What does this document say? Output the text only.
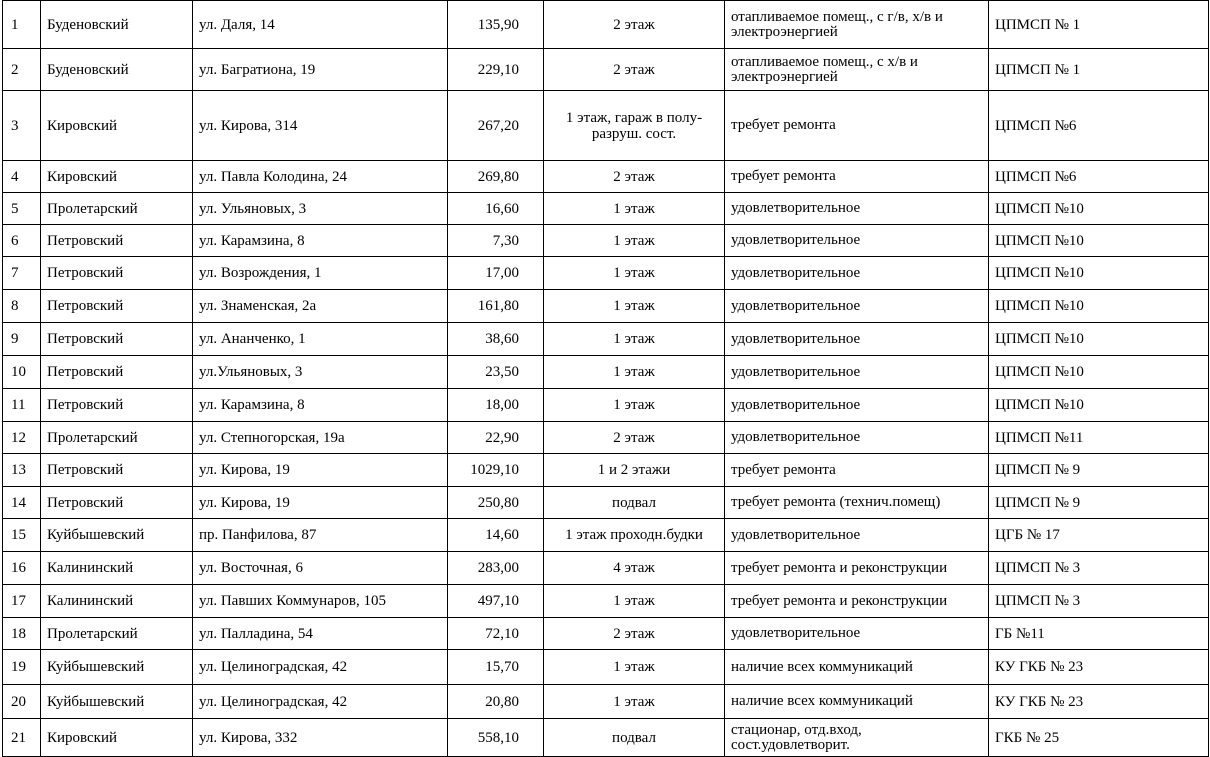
1	Буденовский	ул. Даля, 14	135,90	2 этаж	отапливаемое помещ., с г/в, х/в и электроэнергией	ЦПМСП № 1
2	Буденовский	ул. Багратиона, 19	229,10	2 этаж	отапливаемое помещ., с х/в и электроэнергией	ЦПМСП № 1
3	Кировский	ул. Кирова, 314	267,20	1 этаж, гараж в полу-разруш. сост.	требует ремонта	ЦПМСП №6
4	Кировский	ул. Павла Колодина, 24	269,80	2 этаж	требует ремонта	ЦПМСП №6
5	Пролетарский	ул. Ульяновых, 3	16,60	1 этаж	удовлетворительное	ЦПМСП №10
6	Петровский	ул. Карамзина, 8	7,30	1 этаж	удовлетворительное	ЦПМСП №10
7	Петровский	ул. Возрождения, 1	17,00	1 этаж	удовлетворительное	ЦПМСП №10
8	Петровский	ул. Знаменская, 2а	161,80	1 этаж	удовлетворительное	ЦПМСП №10
9	Петровский	ул. Ананченко, 1	38,60	1 этаж	удовлетворительное	ЦПМСП №10
10	Петровский	ул.Ульяновых, 3	23,50	1 этаж	удовлетворительное	ЦПМСП №10
11	Петровский	ул. Карамзина, 8	18,00	1 этаж	удовлетворительное	ЦПМСП №10
12	Пролетарский	ул. Степногорская, 19а	22,90	2 этаж	удовлетворительное	ЦПМСП №11
13	Петровский	ул. Кирова, 19	1029,10	1 и 2 этажи	требует ремонта	ЦПМСП № 9
14	Петровский	ул. Кирова, 19	250,80	подвал	требует ремонта (технич.помещ)	ЦПМСП № 9
15	Куйбышевский	пр. Панфилова, 87	14,60	1 этаж проходн.будки	удовлетворительное	ЦГБ № 17
16	Калининский	ул. Восточная, 6	283,00	4 этаж	требует ремонта и реконструкции	ЦПМСП № 3
17	Калининский	ул. Павших Коммунаров, 105	497,10	1 этаж	требует ремонта и реконструкции	ЦПМСП № 3
18	Пролетарский	ул. Палладина, 54	72,10	2 этаж	удовлетворительное	ГБ №11
19	Куйбышевский	ул. Целиноградская, 42	15,70	1 этаж	наличие всех коммуникаций	КУ ГКБ № 23
20	Куйбышевский	ул. Целиноградская, 42	20,80	1 этаж	наличие всех коммуникаций	КУ ГКБ № 23
21	Кировский	ул. Кирова, 332	558,10	подвал	стационар, отд.вход, сост.удовлетворит.	ГКБ № 25
